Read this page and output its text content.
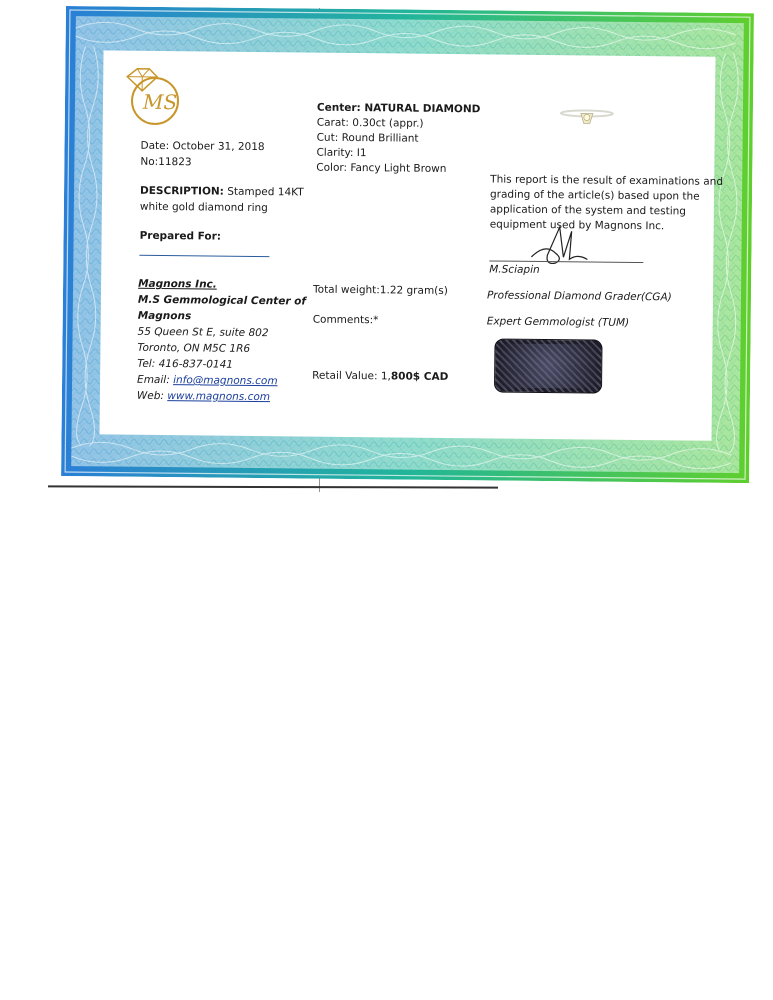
MS
Date: October 31, 2018
No:11823
DESCRIPTION: Stamped 14KT
white gold diamond ring
Prepared For:
Magnons Inc.
M.S Gemmological Center of
Magnons
55 Queen St E, suite 802
Toronto, ON M5C 1R6
Tel: 416-837-0141
Email: info@magnons.com
Web: www.magnons.com
Center: NATURAL DIAMOND
Carat: 0.30ct (appr.)
Cut: Round Brilliant
Clarity: I1
Color: Fancy Light Brown
Total weight:1.22 gram(s)
Comments:*
Retail Value: 1,800$ CAD
This report is the result of examinations and
grading of the article(s) based upon the
application of the system and testing
equipment used by Magnons Inc.
M.Sciapin
Professional Diamond Grader(CGA)
Expert Gemmologist (TUM)
